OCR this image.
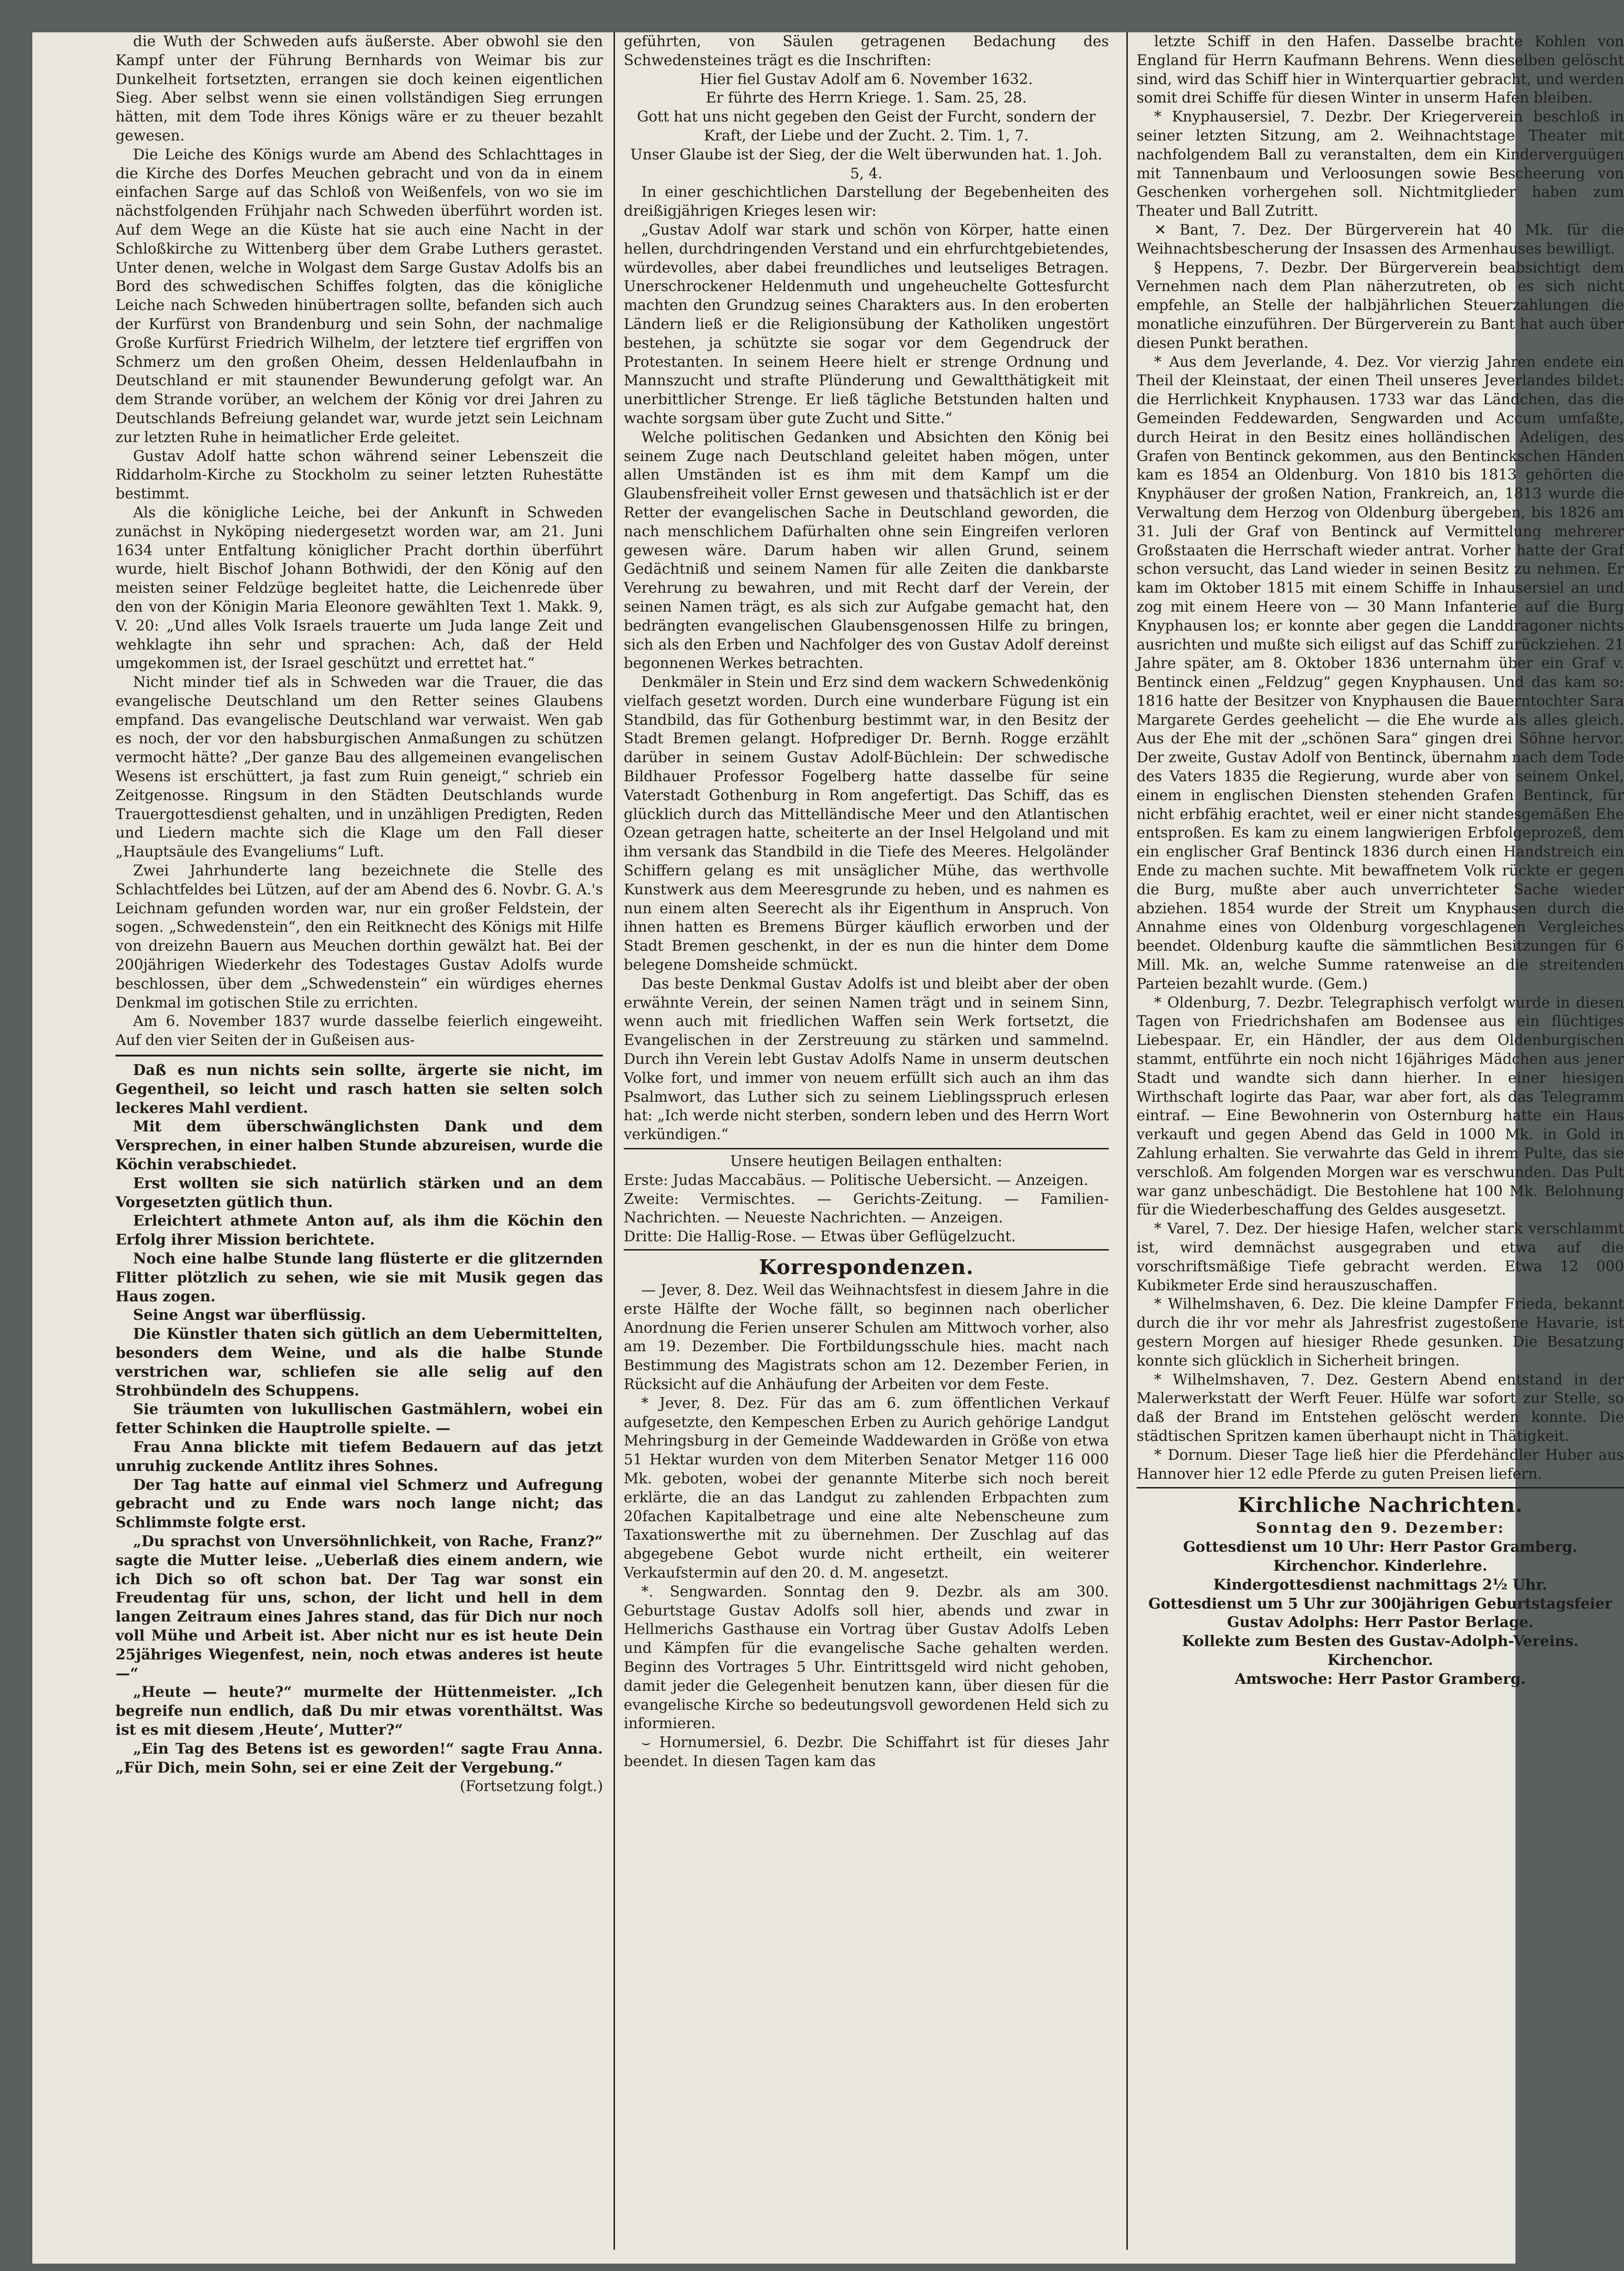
die Wuth der Schweden aufs äußerste. Aber obwohl sie den Kampf unter der Führung Bernhards von Weimar bis zur Dunkelheit fortsetzten, errangen sie doch keinen eigentlichen Sieg. Aber selbst wenn sie einen vollständigen Sieg errungen hätten, mit dem Tode ihres Königs wäre er zu theuer bezahlt gewesen.

Die Leiche des Königs wurde am Abend des Schlachttages in die Kirche des Dorfes Meuchen gebracht und von da in einem einfachen Sarge auf das Schloß von Weißenfels, von wo sie im nächstfolgenden Frühjahr nach Schweden überführt worden ist. Auf dem Wege an die Küste hat sie auch eine Nacht in der Schloßkirche zu Wittenberg über dem Grabe Luthers gerastet. Unter denen, welche in Wolgast dem Sarge Gustav Adolfs bis an Bord des schwedischen Schiffes folgten, das die königliche Leiche nach Schweden hinübertragen sollte, befanden sich auch der Kurfürst von Brandenburg und sein Sohn, der nachmalige Große Kurfürst Friedrich Wilhelm, der letztere tief ergriffen von Schmerz um den großen Oheim, dessen Heldenlaufbahn in Deutschland er mit staunender Bewunderung gefolgt war. An dem Strande vorüber, an welchem der König vor drei Jahren zu Deutschlands Befreiung gelandet war, wurde jetzt sein Leichnam zur letzten Ruhe in heimatlicher Erde geleitet.

Gustav Adolf hatte schon während seiner Lebenszeit die Riddarholm-Kirche zu Stockholm zu seiner letzten Ruhestätte bestimmt.

Als die königliche Leiche, bei der Ankunft in Schweden zunächst in Nyköping niedergesetzt worden war, am 21. Juni 1634 unter Entfaltung königlicher Pracht dorthin überführt wurde, hielt Bischof Johann Bothwidi, der den König auf den meisten seiner Feldzüge begleitet hatte, die Leichenrede über den von der Königin Maria Eleonore gewählten Text 1. Makk. 9, V. 20: „Und alles Volk Israels trauerte um Juda lange Zeit und wehklagte ihn sehr und sprachen: Ach, daß der Held umgekommen ist, der Israel geschützt und errettet hat.“

Nicht minder tief als in Schweden war die Trauer, die das evangelische Deutschland um den Retter seines Glaubens empfand. Das evangelische Deutschland war verwaist. Wen gab es noch, der vor den habsburgischen Anmaßungen zu schützen vermocht hätte? „Der ganze Bau des allgemeinen evangelischen Wesens ist erschüttert, ja fast zum Ruin geneigt,“ schrieb ein Zeitgenosse. Ringsum in den Städten Deutschlands wurde Trauergottesdienst gehalten, und in unzähligen Predigten, Reden und Liedern machte sich die Klage um den Fall dieser „Hauptsäule des Evangeliums“ Luft.

Zwei Jahrhunderte lang bezeichnete die Stelle des Schlachtfeldes bei Lützen, auf der am Abend des 6. Novbr. G. A.'s Leichnam gefunden worden war, nur ein großer Feldstein, der sogen. „Schwedenstein“, den ein Reitknecht des Königs mit Hilfe von dreizehn Bauern aus Meuchen dorthin gewälzt hat. Bei der 200jährigen Wiederkehr des Todestages Gustav Adolfs wurde beschlossen, über dem „Schwedenstein“ ein würdiges ehernes Denkmal im gotischen Stile zu errichten.

Am 6. November 1837 wurde dasselbe feierlich eingeweiht. Auf den vier Seiten der in Gußeisen aus-

Daß es nun nichts sein sollte, ärgerte sie nicht, im Gegentheil, so leicht und rasch hatten sie selten solch leckeres Mahl verdient.

Mit dem überschwänglichsten Dank und dem Versprechen, in einer halben Stunde abzureisen, wurde die Köchin verabschiedet.

Erst wollten sie sich natürlich stärken und an dem Vorgesetzten gütlich thun.

Erleichtert athmete Anton auf, als ihm die Köchin den Erfolg ihrer Mission berichtete.

Noch eine halbe Stunde lang flüsterte er die glitzernden Flitter plötzlich zu sehen, wie sie mit Musik gegen das Haus zogen.

Seine Angst war überflüssig.

Die Künstler thaten sich gütlich an dem Uebermittelten, besonders dem Weine, und als die halbe Stunde verstrichen war, schliefen sie alle selig auf den Strohbündeln des Schuppens.

Sie träumten von lukullischen Gastmählern, wobei ein fetter Schinken die Hauptrolle spielte. —

Frau Anna blickte mit tiefem Bedauern auf das jetzt unruhig zuckende Antlitz ihres Sohnes.

Der Tag hatte auf einmal viel Schmerz und Aufregung gebracht und zu Ende wars noch lange nicht; das Schlimmste folgte erst.

„Du sprachst von Unversöhnlichkeit, von Rache, Franz?“ sagte die Mutter leise. „Ueberlaß dies einem andern, wie ich Dich so oft schon bat. Der Tag war sonst ein Freudentag für uns, schon, der licht und hell in dem langen Zeitraum eines Jahres stand, das für Dich nur noch voll Mühe und Arbeit ist. Aber nicht nur es ist heute Dein 25jähriges Wiegenfest, nein, noch etwas anderes ist heute —“

„Heute — heute?“ murmelte der Hüttenmeister. „Ich begreife nun endlich, daß Du mir etwas vorenthältst. Was ist es mit diesem ‚Heute‘, Mutter?“

„Ein Tag des Betens ist es geworden!“ sagte Frau Anna. „Für Dich, mein Sohn, sei er eine Zeit der Vergebung.“

(Fortsetzung folgt.)

geführten, von Säulen getragenen Bedachung des Schwedensteines trägt es die Inschriften:

Hier fiel Gustav Adolf am 6. November 1632.

Er führte des Herrn Kriege. 1. Sam. 25, 28.

Gott hat uns nicht gegeben den Geist der Furcht, sondern der Kraft, der Liebe und der Zucht. 2. Tim. 1, 7.

Unser Glaube ist der Sieg, der die Welt überwunden hat. 1. Joh. 5, 4.

In einer geschichtlichen Darstellung der Begebenheiten des dreißigjährigen Krieges lesen wir:

„Gustav Adolf war stark und schön von Körper, hatte einen hellen, durchdringenden Verstand und ein ehrfurchtgebietendes, würdevolles, aber dabei freundliches und leutseliges Betragen. Unerschrockener Heldenmuth und ungeheuchelte Gottesfurcht machten den Grundzug seines Charakters aus. In den eroberten Ländern ließ er die Religionsübung der Katholiken ungestört bestehen, ja schützte sie sogar vor dem Gegendruck der Protestanten. In seinem Heere hielt er strenge Ordnung und Mannszucht und strafte Plünderung und Gewaltthätigkeit mit unerbittlicher Strenge. Er ließ tägliche Betstunden halten und wachte sorgsam über gute Zucht und Sitte.“

Welche politischen Gedanken und Absichten den König bei seinem Zuge nach Deutschland geleitet haben mögen, unter allen Umständen ist es ihm mit dem Kampf um die Glaubensfreiheit voller Ernst gewesen und thatsächlich ist er der Retter der evangelischen Sache in Deutschland geworden, die nach menschlichem Dafürhalten ohne sein Eingreifen verloren gewesen wäre. Darum haben wir allen Grund, seinem Gedächtniß und seinem Namen für alle Zeiten die dankbarste Verehrung zu bewahren, und mit Recht darf der Verein, der seinen Namen trägt, es als sich zur Aufgabe gemacht hat, den bedrängten evangelischen Glaubensgenossen Hilfe zu bringen, sich als den Erben und Nachfolger des von Gustav Adolf dereinst begonnenen Werkes betrachten.

Denkmäler in Stein und Erz sind dem wackern Schwedenkönig vielfach gesetzt worden. Durch eine wunderbare Fügung ist ein Standbild, das für Gothenburg bestimmt war, in den Besitz der Stadt Bremen gelangt. Hofprediger Dr. Bernh. Rogge erzählt darüber in seinem Gustav Adolf-Büchlein: Der schwedische Bildhauer Professor Fogelberg hatte dasselbe für seine Vaterstadt Gothenburg in Rom angefertigt. Das Schiff, das es glücklich durch das Mittelländische Meer und den Atlantischen Ozean getragen hatte, scheiterte an der Insel Helgoland und mit ihm versank das Standbild in die Tiefe des Meeres. Helgoländer Schiffern gelang es mit unsäglicher Mühe, das werthvolle Kunstwerk aus dem Meeresgrunde zu heben, und es nahmen es nun einem alten Seerecht als ihr Eigenthum in Anspruch. Von ihnen hatten es Bremens Bürger käuflich erworben und der Stadt Bremen geschenkt, in der es nun die hinter dem Dome belegene Domsheide schmückt.

Das beste Denkmal Gustav Adolfs ist und bleibt aber der oben erwähnte Verein, der seinen Namen trägt und in seinem Sinn, wenn auch mit friedlichen Waffen sein Werk fortsetzt, die Evangelischen in der Zerstreuung zu stärken und sammelnd. Durch ihn Verein lebt Gustav Adolfs Name in unserm deutschen Volke fort, und immer von neuem erfüllt sich auch an ihm das Psalmwort, das Luther sich zu seinem Lieblingsspruch erlesen hat: „Ich werde nicht sterben, sondern leben und des Herrn Wort verkündigen.“

Unsere heutigen Beilagen enthalten:

Erste: Judas Maccabäus. — Politische Uebersicht. — Anzeigen.

Zweite: Vermischtes. — Gerichts-Zeitung. — Familien-Nachrichten. — Neueste Nachrichten. — Anzeigen.

Dritte: Die Hallig-Rose. — Etwas über Geflügelzucht.

Korrespondenzen.

— Jever, 8. Dez. Weil das Weihnachtsfest in diesem Jahre in die erste Hälfte der Woche fällt, so beginnen nach oberlicher Anordnung die Ferien unserer Schulen am Mittwoch vorher, also am 19. Dezember. Die Fortbildungsschule hies. macht nach Bestimmung des Magistrats schon am 12. Dezember Ferien, in Rücksicht auf die Anhäufung der Arbeiten vor dem Feste.

* Jever, 8. Dez. Für das am 6. zum öffentlichen Verkauf aufgesetzte, den Kempeschen Erben zu Aurich gehörige Landgut Mehringsburg in der Gemeinde Waddewarden in Größe von etwa 51 Hektar wurden von dem Miterben Senator Metger 116 000 Mk. geboten, wobei der genannte Miterbe sich noch bereit erklärte, die an das Landgut zu zahlenden Erbpachten zum 20fachen Kapitalbetrage und eine alte Nebenscheune zum Taxationswerthe mit zu übernehmen. Der Zuschlag auf das abgegebene Gebot wurde nicht ertheilt, ein weiterer Verkaufstermin auf den 20. d. M. angesetzt.

*. Sengwarden. Sonntag den 9. Dezbr. als am 300. Geburtstage Gustav Adolfs soll hier, abends und zwar in Hellmerichs Gasthause ein Vortrag über Gustav Adolfs Leben und Kämpfen für die evangelische Sache gehalten werden. Beginn des Vortrages 5 Uhr. Eintrittsgeld wird nicht gehoben, damit jeder die Gelegenheit benutzen kann, über diesen für die evangelische Kirche so bedeutungsvoll gewordenen Held sich zu informieren.

⌣ Hornumersiel, 6. Dezbr. Die Schiffahrt ist für dieses Jahr beendet. In diesen Tagen kam das

letzte Schiff in den Hafen. Dasselbe brachte Kohlen von England für Herrn Kaufmann Behrens. Wenn dieselben gelöscht sind, wird das Schiff hier in Winterquartier gebracht, und werden somit drei Schiffe für diesen Winter in unserm Hafen bleiben.

* Knyphausersiel, 7. Dezbr. Der Kriegerverein beschloß in seiner letzten Sitzung, am 2. Weihnachtstage Theater mit nachfolgendem Ball zu veranstalten, dem ein Kinderverguügen mit Tannenbaum und Verloosungen sowie Bescheerung von Geschenken vorhergehen soll. Nichtmitglieder haben zum Theater und Ball Zutritt.

✕ Bant, 7. Dez. Der Bürgerverein hat 40 Mk. für die Weihnachtsbescherung der Insassen des Armenhauses bewilligt.

§ Heppens, 7. Dezbr. Der Bürgerverein beabsichtigt dem Vernehmen nach dem Plan näherzutreten, ob es sich nicht empfehle, an Stelle der halbjährlichen Steuerzahlungen die monatliche einzuführen. Der Bürgerverein zu Bant hat auch über diesen Punkt berathen.

* Aus dem Jeverlande, 4. Dez. Vor vierzig Jahren endete ein Theil der Kleinstaat, der einen Theil unseres Jeverlandes bildet: die Herrlichkeit Knyphausen. 1733 war das Ländchen, das die Gemeinden Feddewarden, Sengwarden und Accum umfaßte, durch Heirat in den Besitz eines holländischen Adeligen, des Grafen von Bentinck gekommen, aus den Bentinckschen Händen kam es 1854 an Oldenburg. Von 1810 bis 1813 gehörten die Knyphäuser der großen Nation, Frankreich, an, 1813 wurde die Verwaltung dem Herzog von Oldenburg übergeben, bis 1826 am 31. Juli der Graf von Bentinck auf Vermittelung mehrerer Großstaaten die Herrschaft wieder antrat. Vorher hatte der Graf schon versucht, das Land wieder in seinen Besitz zu nehmen. Er kam im Oktober 1815 mit einem Schiffe in Inhausersiel an und zog mit einem Heere von — 30 Mann Infanterie auf die Burg Knyphausen los; er konnte aber gegen die Landdragoner nichts ausrichten und mußte sich eiligst auf das Schiff zurückziehen. 21 Jahre später, am 8. Oktober 1836 unternahm über ein Graf v. Bentinck einen „Feldzug“ gegen Knyphausen. Und das kam so: 1816 hatte der Besitzer von Knyphausen die Bauerntochter Sara Margarete Gerdes geehelicht — die Ehe wurde als alles gleich. Aus der Ehe mit der „schönen Sara“ gingen drei Söhne hervor. Der zweite, Gustav Adolf von Bentinck, übernahm nach dem Tode des Vaters 1835 die Regierung, wurde aber von seinem Onkel, einem in englischen Diensten stehenden Grafen Bentinck, für nicht erbfähig erachtet, weil er einer nicht standesgemäßen Ehe entsproßen. Es kam zu einem langwierigen Erbfolgeprozeß, dem ein englischer Graf Bentinck 1836 durch einen Handstreich ein Ende zu machen suchte. Mit bewaffnetem Volk rückte er gegen die Burg, mußte aber auch unverrichteter Sache wieder abziehen. 1854 wurde der Streit um Knyphausen durch die Annahme eines von Oldenburg vorgeschlagenen Vergleiches beendet. Oldenburg kaufte die sämmtlichen Besitzungen für 6 Mill. Mk. an, welche Summe ratenweise an die streitenden Parteien bezahlt wurde. (Gem.)

* Oldenburg, 7. Dezbr. Telegraphisch verfolgt wurde in diesen Tagen von Friedrichshafen am Bodensee aus ein flüchtiges Liebespaar. Er, ein Händler, der aus dem Oldenburgischen stammt, entführte ein noch nicht 16jähriges Mädchen aus jener Stadt und wandte sich dann hierher. In einer hiesigen Wirthschaft logirte das Paar, war aber fort, als das Telegramm eintraf. — Eine Bewohnerin von Osternburg hatte ein Haus verkauft und gegen Abend das Geld in 1000 Mk. in Gold in Zahlung erhalten. Sie verwahrte das Geld in ihrem Pulte, das sie verschloß. Am folgenden Morgen war es verschwunden. Das Pult war ganz unbeschädigt. Die Bestohlene hat 100 Mk. Belohnung für die Wiederbeschaffung des Geldes ausgesetzt.

* Varel, 7. Dez. Der hiesige Hafen, welcher stark verschlammt ist, wird demnächst ausgegraben und etwa auf die vorschriftsmäßige Tiefe gebracht werden. Etwa 12 000 Kubikmeter Erde sind herauszuschaffen.

* Wilhelmshaven, 6. Dez. Die kleine Dampfer Frieda, bekannt durch die ihr vor mehr als Jahresfrist zugestoßene Havarie, ist gestern Morgen auf hiesiger Rhede gesunken. Die Besatzung konnte sich glücklich in Sicherheit bringen.

* Wilhelmshaven, 7. Dez. Gestern Abend entstand in der Malerwerkstatt der Werft Feuer. Hülfe war sofort zur Stelle, so daß der Brand im Entstehen gelöscht werden konnte. Die städtischen Spritzen kamen überhaupt nicht in Thätigkeit.

* Dornum. Dieser Tage ließ hier die Pferdehändler Huber aus Hannover hier 12 edle Pferde zu guten Preisen liefern.

Kirchliche Nachrichten.

Sonntag den 9. Dezember:

Gottesdienst um 10 Uhr: Herr Pastor Gramberg.

Kirchenchor. Kinderlehre.

Kindergottesdienst nachmittags 2½ Uhr.

Gottesdienst um 5 Uhr zur 300jährigen Geburtstagsfeier Gustav Adolphs: Herr Pastor Berlage.

Kollekte zum Besten des Gustav-Adolph-Vereins.

Kirchenchor.

Amtswoche: Herr Pastor Gramberg.
